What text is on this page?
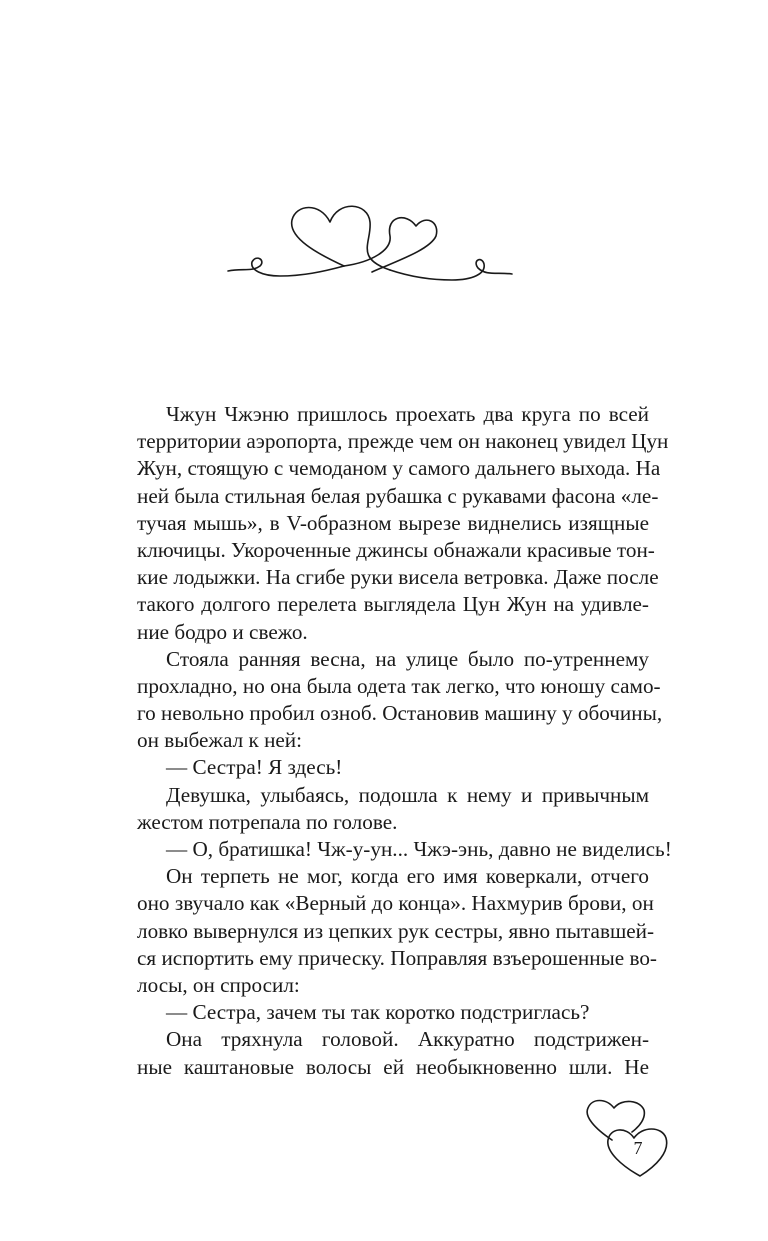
Чжун Чжэню пришлось проехать два круга по всей
территории аэропорта, прежде чем он наконец увидел Цун
Жун, стоящую с чемоданом у самого дальнего выхода. На
ней была стильная белая рубашка с рукавами фасона «ле-
тучая мышь», в V-образном вырезе виднелись изящные
ключицы. Укороченные джинсы обнажали красивые тон-
кие лодыжки. На сгибе руки висела ветровка. Даже после
такого долгого перелета выглядела Цун Жун на удивле-
ние бодро и свежо.
Стояла ранняя весна, на улице было по-утреннему
прохладно, но она была одета так легко, что юношу само-
го невольно пробил озноб. Остановив машину у обочины,
он выбежал к ней:
— Сестра! Я здесь!
Девушка, улыбаясь, подошла к нему и привычным
жестом потрепала по голове.
— О, братишка! Чж-у-ун... Чжэ-энь, давно не виделись!
Он терпеть не мог, когда его имя коверкали, отчего
оно звучало как «Верный до конца». Нахмурив брови, он
ловко вывернулся из цепких рук сестры, явно пытавшей-
ся испортить ему прическу. Поправляя взъерошенные во-
лосы, он спросил:
— Сестра, зачем ты так коротко подстриглась?
Она тряхнула головой. Аккуратно подстрижен-
ные каштановые волосы ей необыкновенно шли. Не
7
